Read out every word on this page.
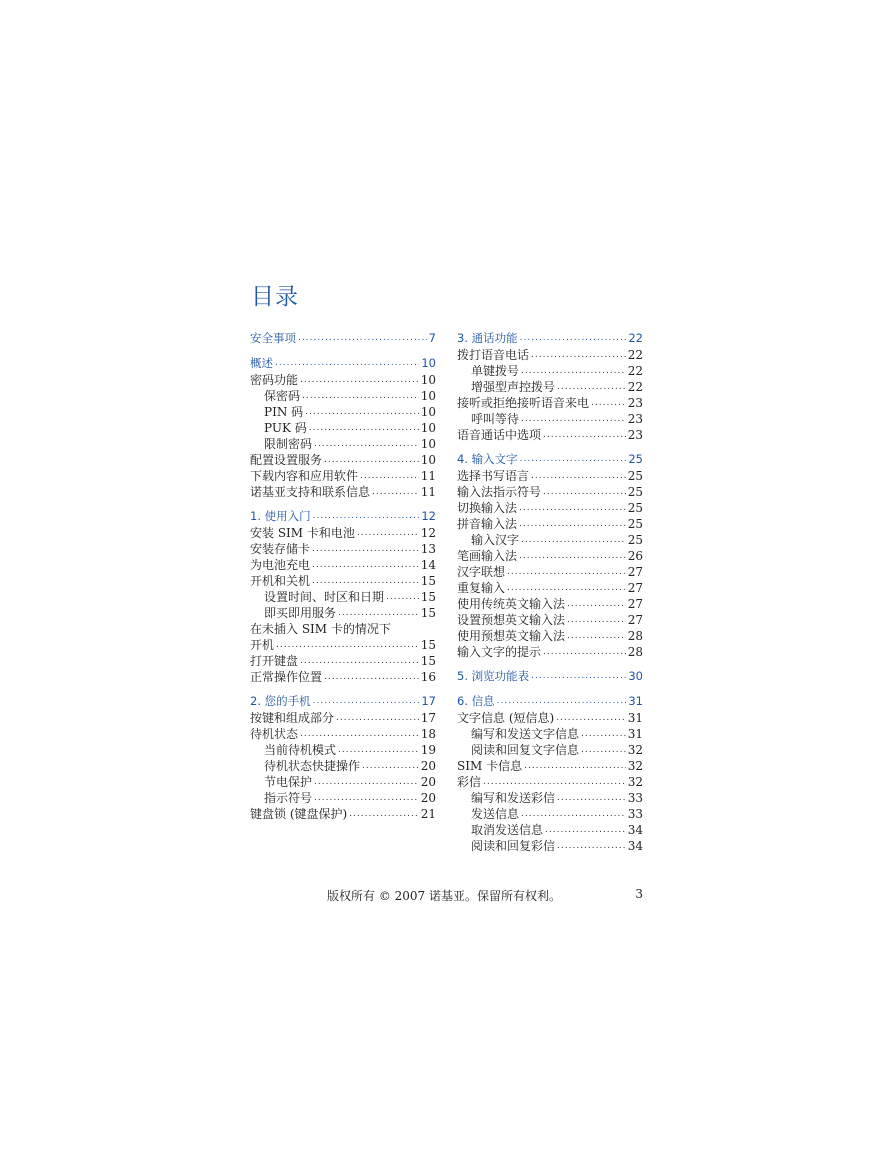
目录
安全事项 .....	7
概述 .....	10
密码功能 .....	10
保密码 .....	10
PIN 码 .....	10
PUK 码 .....	10
限制密码 .....	10
配置设置服务 .....	10
下载内容和应用软件 .....	11
诺基亚支持和联系信息 .....	11
1. 使用入门 .....	12
安装 SIM 卡和电池 .....	12
安装存储卡 .....	13
为电池充电 .....	14
开机和关机 .....	15
设置时间、时区和日期 .....	15
即买即用服务 .....	15
在未插入 SIM 卡的情况下
开机 .....	15
打开键盘 .....	15
正常操作位置 .....	16
2. 您的手机 .....	17
按键和组成部分 .....	17
待机状态 .....	18
当前待机模式 .....	19
待机状态快捷操作 .....	20
节电保护 .....	20
指示符号 .....	20
键盘锁 (键盘保护) .....	21
3. 通话功能 .....	22
拨打语音电话 .....	22
单键拨号 .....	22
增强型声控拨号 .....	22
接听或拒绝接听语音来电 .....	23
呼叫等待 .....	23
语音通话中选项 .....	23
4. 输入文字 .....	25
选择书写语言 .....	25
输入法指示符号 .....	25
切换输入法 .....	25
拼音输入法 .....	25
输入汉字 .....	25
笔画输入法 .....	26
汉字联想 .....	27
重复输入 .....	27
使用传统英文输入法 .....	27
设置预想英文输入法 .....	27
使用预想英文输入法 .....	28
输入文字的提示 .....	28
5. 浏览功能表 .....	30
6. 信息 .....	31
文字信息 (短信息) .....	31
编写和发送文字信息 .....	31
阅读和回复文字信息 .....	32
SIM 卡信息 .....	32
彩信 .....	32
编写和发送彩信 .....	33
发送信息 .....	33
取消发送信息 .....	34
阅读和回复彩信 .....	34
版权所有 © 2007 诺基亚。保留所有权利。	3
